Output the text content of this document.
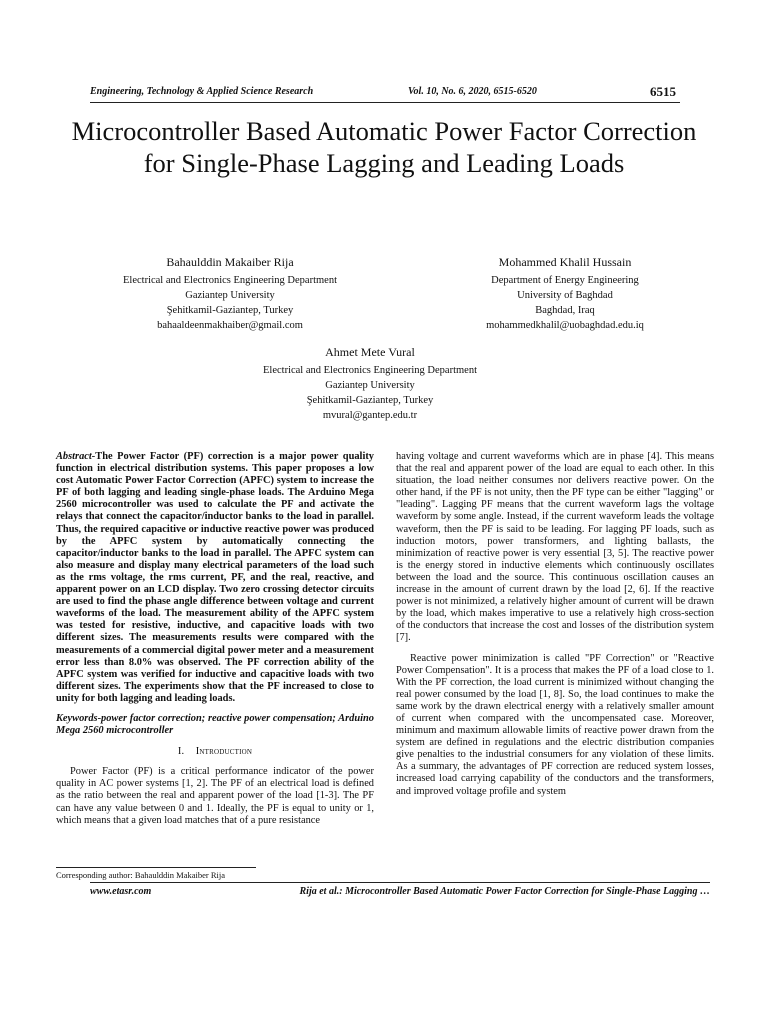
Engineering, Technology & Applied Science Research	Vol. 10, No. 6, 2020, 6515-6520	6515
Microcontroller Based Automatic Power Factor Correction for Single-Phase Lagging and Leading Loads
Bahaulddin Makaiber Rija
Electrical and Electronics Engineering Department
Gaziantep University
Şehitkamil-Gaziantep, Turkey
bahaaldeenmakhaiber@gmail.com
Mohammed Khalil Hussain
Department of Energy Engineering
University of Baghdad
Baghdad, Iraq
mohammedkhalil@uobaghdad.edu.iq
Ahmet Mete Vural
Electrical and Electronics Engineering Department
Gaziantep University
Şehitkamil-Gaziantep, Turkey
mvural@gantep.edu.tr

Abstract-The Power Factor (PF) correction is a major power quality function in electrical distribution systems. This paper proposes a low cost Automatic Power Factor Correction (APFC) system to increase the PF of both lagging and leading single-phase loads. The Arduino Mega 2560 microcontroller was used to calculate the PF and activate the relays that connect the capacitor/inductor banks to the load in parallel. Thus, the required capacitive or inductive reactive power was produced by the APFC system by automatically connecting the capacitor/inductor banks to the load in parallel. The APFC system can also measure and display many electrical parameters of the load such as the rms voltage, the rms current, PF, and the real, reactive, and apparent power on an LCD display. Two zero crossing detector circuits are used to find the phase angle difference between voltage and current waveforms of the load. The measurement ability of the APFC system was tested for resistive, inductive, and capacitive loads with two different sizes. The measurements results were compared with the measurements of a commercial digital power meter and a measurement error less than 8.0% was observed. The PF correction ability of the APFC system was verified for inductive and capacitive loads with two different sizes. The experiments show that the PF increased to close to unity for both lagging and leading loads.

Keywords-power factor correction; reactive power compensation; Arduino Mega 2560 microcontroller

I. Introduction

Power Factor (PF) is a critical performance indicator of the power quality in AC power systems [1, 2]. The PF of an electrical load is defined as the ratio between the real and apparent power of the load [1-3]. The PF can have any value between 0 and 1. Ideally, the PF is equal to unity or 1, which means that a given load matches that of a pure resistance

having voltage and current waveforms which are in phase [4]. This means that the real and apparent power of the load are equal to each other. In this situation, the load neither consumes nor delivers reactive power. On the other hand, if the PF is not unity, then the PF type can be either "lagging" or "leading". Lagging PF means that the current waveform lags the voltage waveform by some angle. Instead, if the current waveform leads the voltage waveform, then the PF is said to be leading. For lagging PF loads, such as induction motors, power transformers, and lighting ballasts, the minimization of reactive power is very essential [3, 5]. The reactive power is the energy stored in inductive elements which continuously oscillates between the load and the source. This continuous oscillation causes an increase in the amount of current drawn by the load [2, 6]. If the reactive power is not minimized, a relatively higher amount of current will be drawn by the load, which makes imperative to use a relatively high cross-section of the conductors that increase the cost and losses of the distribution system [7].

Reactive power minimization is called "PF Correction" or "Reactive Power Compensation". It is a process that makes the PF of a load close to 1. With the PF correction, the load current is minimized without changing the real power consumed by the load [1, 8]. So, the load continues to make the same work by the drawn electrical energy with a relatively smaller amount of current when compared with the uncompensated case. Moreover, minimum and maximum allowable limits of reactive power drawn from the system are defined in regulations and the electric distribution companies give penalties to the industrial consumers for any violation of these limits. As a summary, the advantages of PF correction are reduced system losses, increased load carrying capability of the conductors and the transformers, and improved voltage profile and system

Corresponding author: Bahaulddin Makaiber Rija
www.etasr.com	Rija et al.: Microcontroller Based Automatic Power Factor Correction for Single-Phase Lagging …
